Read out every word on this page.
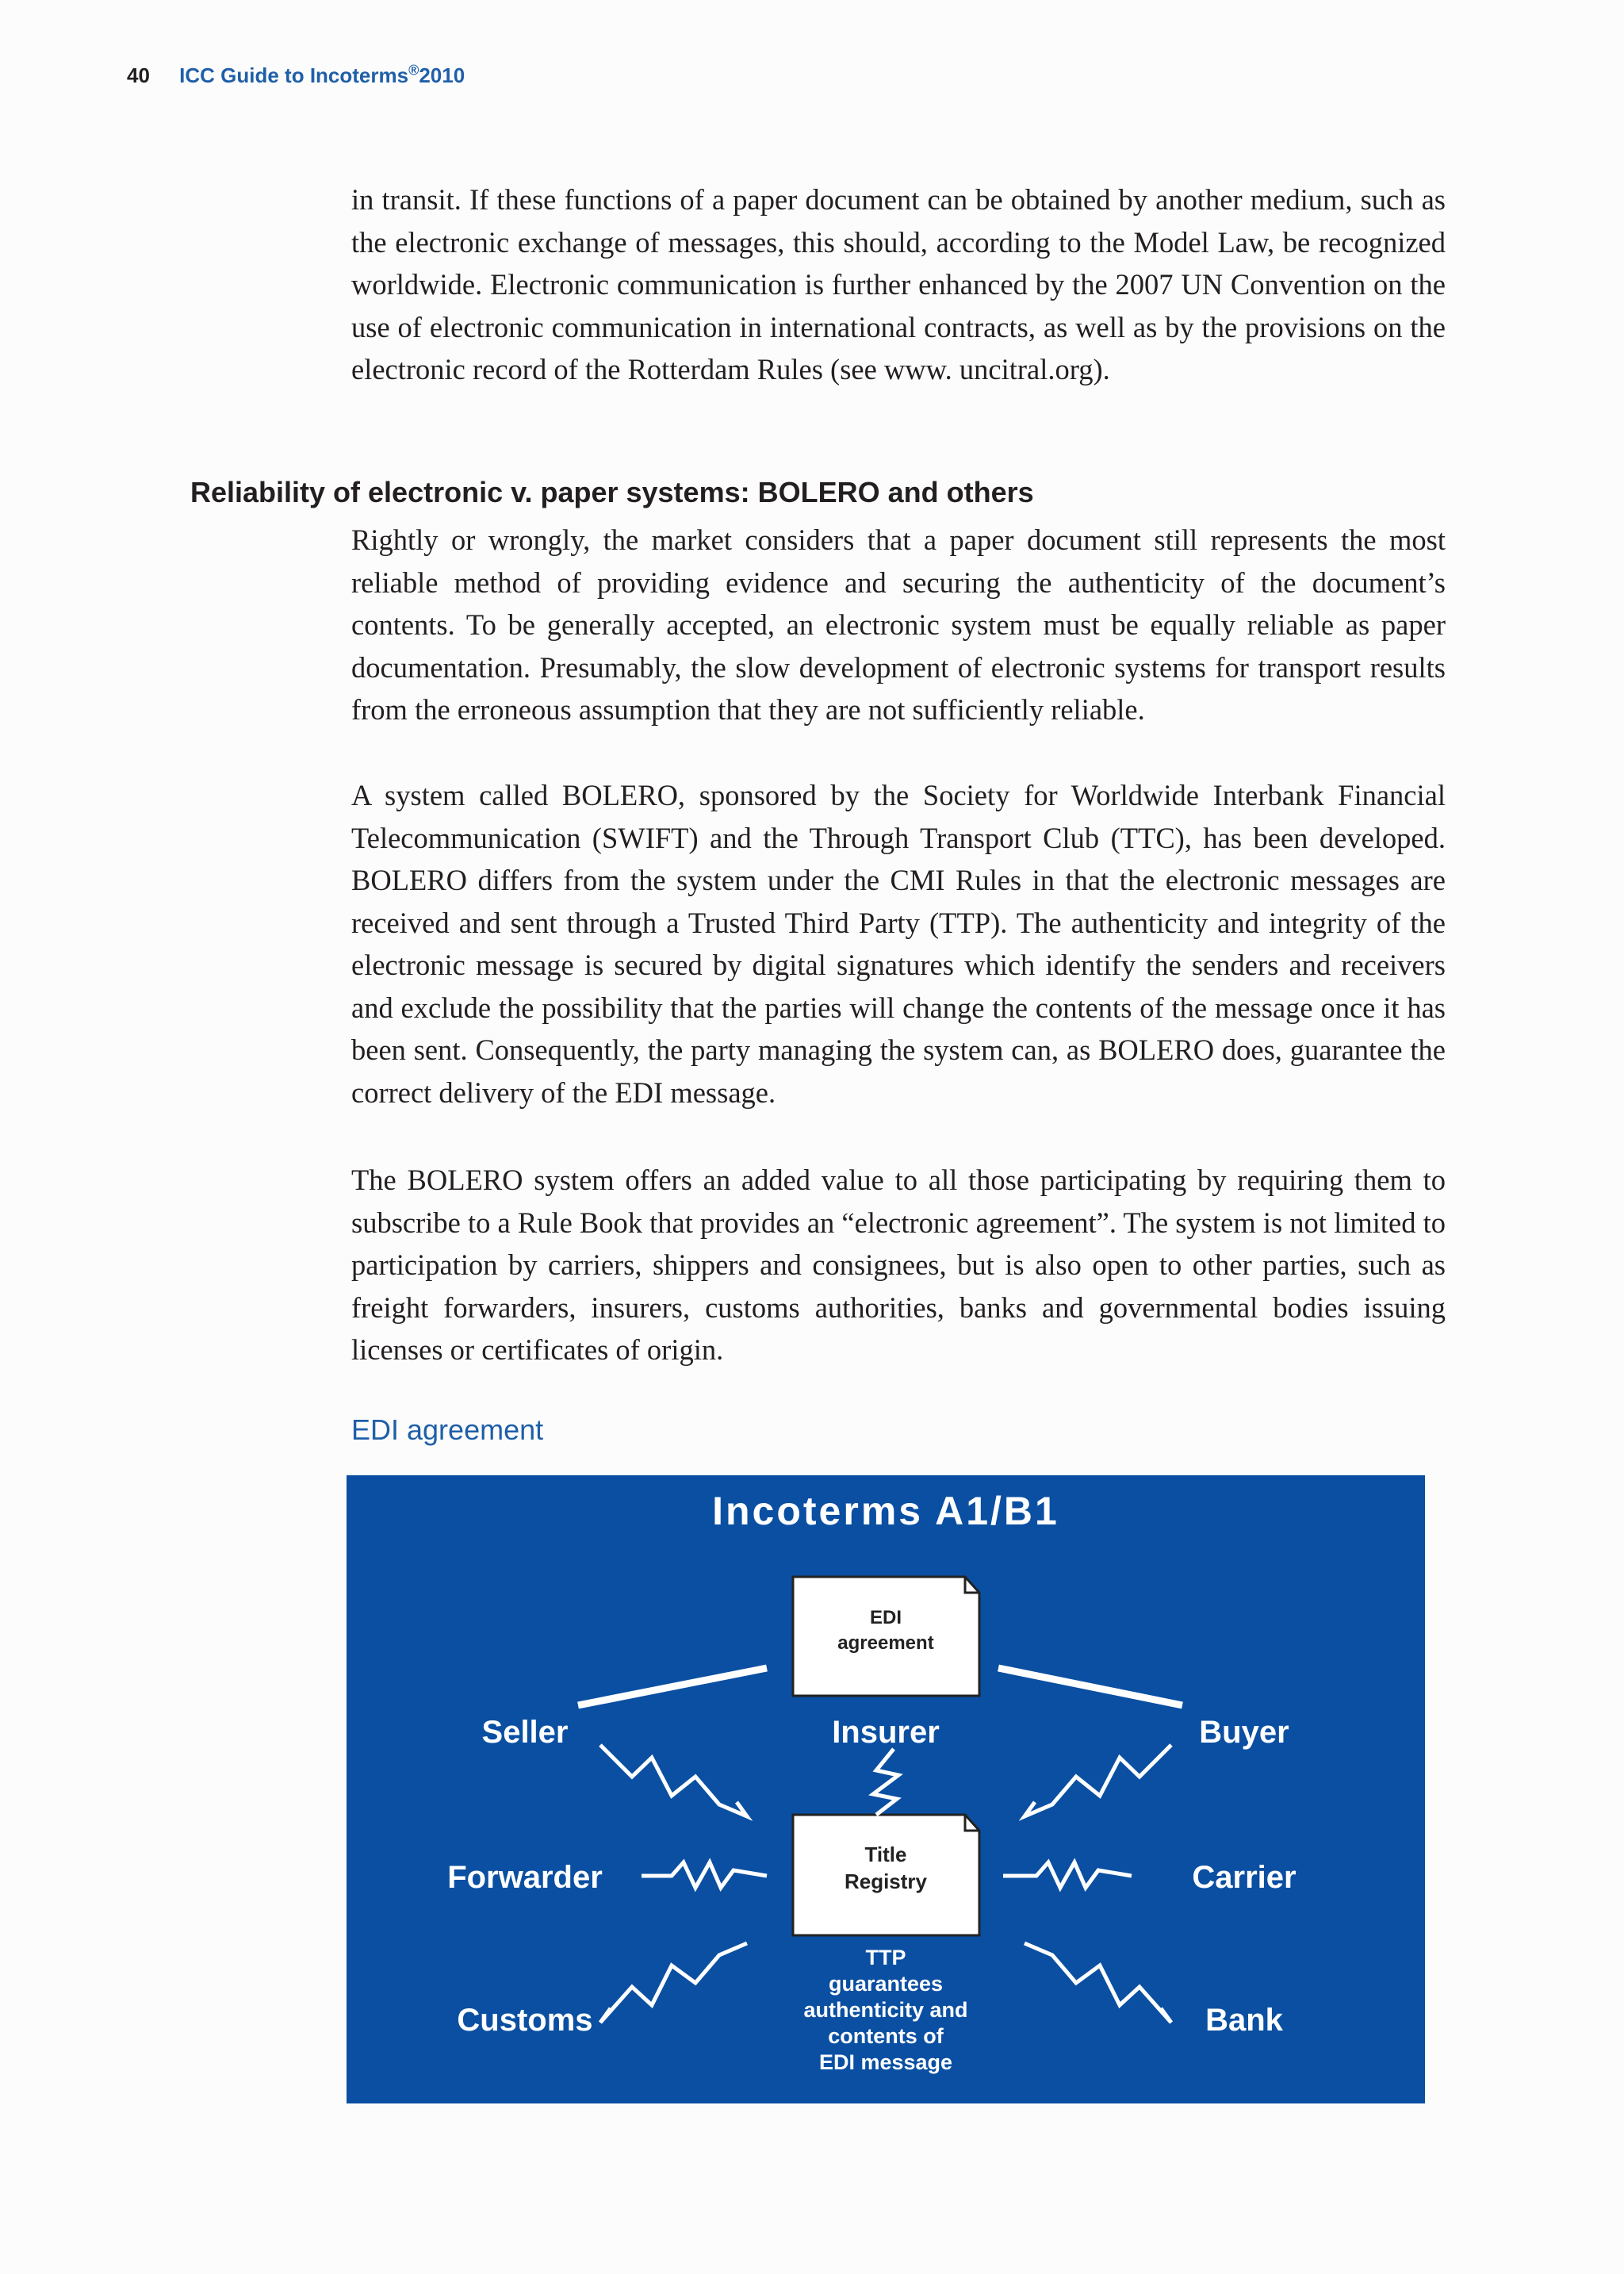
40 ICC Guide to Incoterms®2010

in transit. If these functions of a paper document can be obtained by another medium, such as the electronic exchange of messages, this should, according to the Model Law, be recognized worldwide. Electronic communication is further enhanced by the 2007 UN Convention on the use of electronic communication in international contracts, as well as by the provisions on the electronic record of the Rotterdam Rules (see www. uncitral.org).

Reliability of electronic v. paper systems: BOLERO and others

Rightly or wrongly, the market considers that a paper document still represents the most reliable method of providing evidence and securing the authenticity of the document’s contents. To be generally accepted, an electronic system must be equally reliable as paper documentation. Presumably, the slow development of electronic systems for transport results from the erroneous assumption that they are not sufficiently reliable.

A system called BOLERO, sponsored by the Society for Worldwide Interbank Financial Telecommunication (SWIFT) and the Through Transport Club (TTC), has been developed. BOLERO differs from the system under the CMI Rules in that the electronic messages are received and sent through a Trusted Third Party (TTP). The authenticity and integrity of the electronic message is secured by digital signatures which identify the senders and receivers and exclude the possibility that the parties will change the contents of the message once it has been sent. Consequently, the party managing the system can, as BOLERO does, guarantee the correct delivery of the EDI message.

The BOLERO system offers an added value to all those participating by requiring them to subscribe to a Rule Book that provides an “electronic agreement”. The system is not limited to participation by carriers, shippers and consignees, but is also open to other parties, such as freight forwarders, insurers, customs authorities, banks and governmental bodies issuing licenses or certificates of origin.

EDI agreement
Incoterms A1/B1
EDI
agreement
Title
Registry
Seller	Insurer	Buyer
Forwarder	Carrier
Customs	Bank
TTP
guarantees
authenticity and
contents of
EDI message
